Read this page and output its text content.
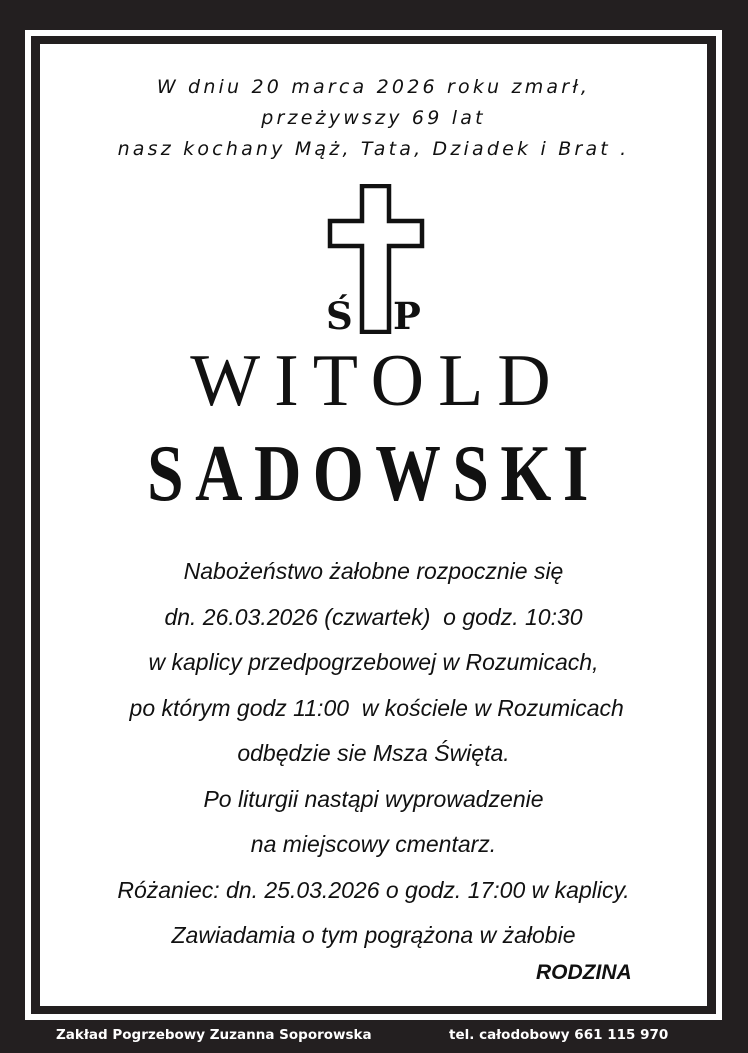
W dniu 20 marca 2026 roku zmarł,
przeżywszy 69 lat
nasz kochany Mąż, Tata, Dziadek i Brat .
Ś P
WITOLD
SADOWSKI
Nabożeństwo żałobne rozpocznie się
dn. 26.03.2026 (czwartek)  o godz. 10:30
w kaplicy przedpogrzebowej w Rozumicach,
po którym godz 11:00  w kościele w Rozumicach
odbędzie sie Msza Święta.
Po liturgii nastąpi wyprowadzenie
na miejscowy cmentarz.
Różaniec: dn. 25.03.2026 o godz. 17:00 w kaplicy.
Zawiadamia o tym pogrążona w żałobie
RODZINA
Zakład Pogrzebowy Zuzanna Soporowska	tel. całodobowy 661 115 970
